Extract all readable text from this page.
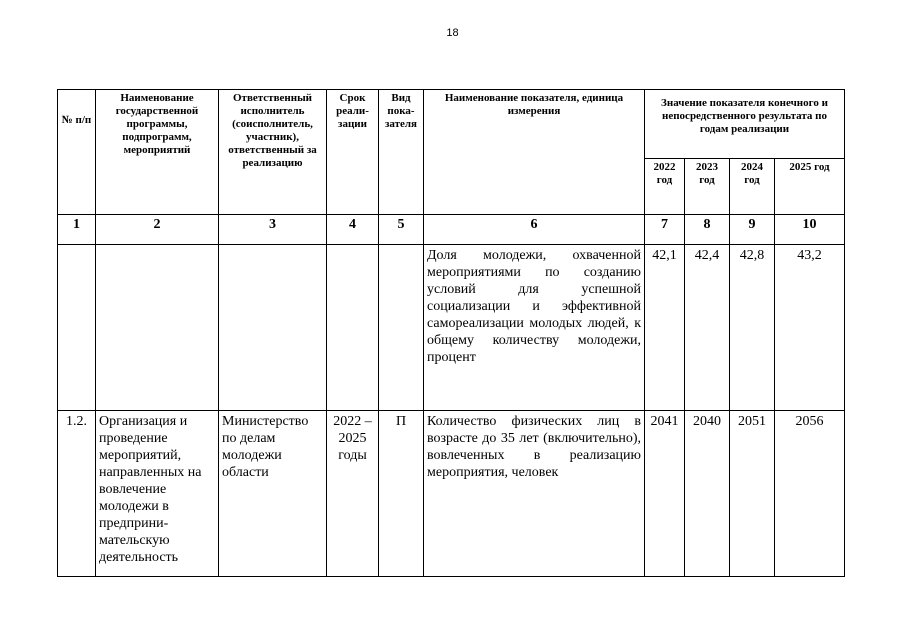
18
№ п/п	Наименование государственной программы, подпрограмм, мероприятий	Ответственный исполнитель (соисполнитель, участник), ответственный за реализацию	Срок реали- зации	Вид пока- зателя	Наименование показателя, единица измерения	Значение показателя конечного и непосредственного результата по годам реализации			
						2022 год	2023 год	2024 год	2025 год
1	2	3	4	5	6	7	8	9	10
					Доля молодежи, охваченной мероприятиями по созданию условий для успешной социализации и эффективной самореализации молодых людей, к общему количеству молодежи, процент	42,1	42,4	42,8	43,2
1.2.	Организация и проведение мероприятий, направленных на вовлечение молодежи в предприни- мательскую деятельность	Министерство по делам молодежи области	2022 – 2025 годы	П	Количество физических лиц в возрасте до 35 лет (включительно), вовлеченных в реализацию мероприятия, человек	2041	2040	2051	2056
